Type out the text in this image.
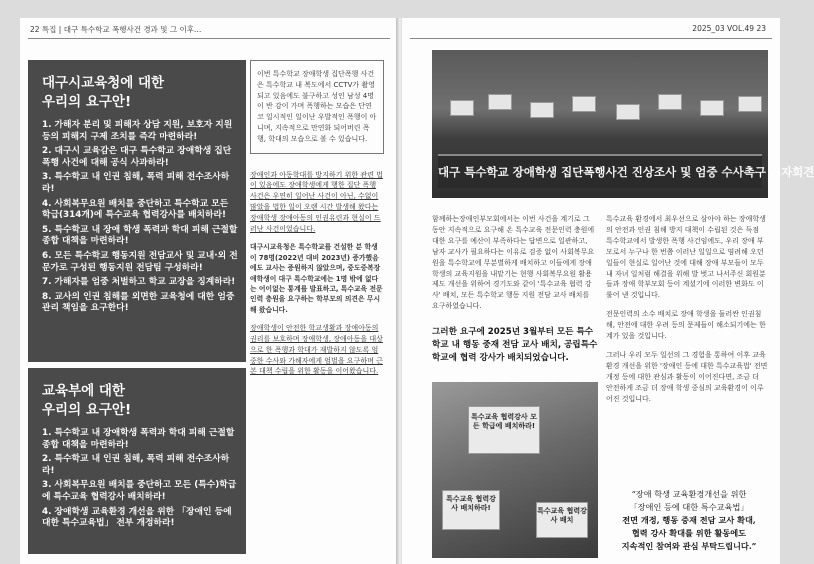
22 특집 | 대구 특수학교 폭행사건 경과 및 그 이후…
대구시교육청에 대한
우리의 요구안!
1. 가해자 분리 및 피해자 상담 지원, 보호자 지원 등의 피해지 구제 조치를 즉각 마련하라!
2. 대구시 교육감은 대구 특수학교 장애학생 집단 폭행 사건에 대해 공식 사과하라!
3. 특수학교 내 인권 침해, 폭력 피해 전수조사하라!
4. 사회복무요원 배치를 중단하고 특수학교 모든 학급(314개)에 특수교육 협력강사를 배치하라!
5. 특수학교 내 장애 학생 폭력과 학대 피해 근절할 종합 대책을 마련하라!
6. 모든 특수학교 행동지원 전담교사 및 교내·외 전문가로 구성된 행동지원 전담팀 구성하라!
7. 가해자를 엄중 처벌하고 학교 교장을 징계하라!
8. 교사의 인권 침해를 외면한 교육청에 대한 엄중 관리 책임을 요구한다!
교육부에 대한
우리의 요구안!
1. 특수학교 내 장애학생 폭력과 학대 피해 근절할 종합 대책을 마련하라!
2. 특수학교 내 인권 침해, 폭력 피해 전수조사하라!
3. 사회복무요원 배치를 중단하고 모든 (특수)학급에 특수교육 협력강사 배치하라!
4. 장애학생 교육환경 개선을 위한 「장애인 등에 대한 특수교육법」 전부 개정하라!
이번 특수학교 장애학생 집단폭행 사건은 특수학교 내 복도에서 CCTV가 촬영되고 있음에도 불구하고 성인 남성 4명이 반 감이 가며 폭행하는 모습은 단연코 일시적인 일이난 우발적인 폭행이 아니며, 지속적으로 만연화 되어버린 폭행, 학대의 모습으로 볼 수 있습니다.

장애인과 아동학대를 방지하기 위한 관련 법이 있음에도 장애학생에게 행한 집단 폭행 사건은 우연히 일어난 사건이 아닌, 수없이 많았을 법한 일이 오랜 시간 발생해 왔다는 장애학생 장애아동의 인권유린과 현실이 드러난 사건이었습니다.

대구시교육청은 특수학교를 건설한 분 학생이 78명(2022년 대비 2023년) 증가했음에도 교사는 증원하지 않았으며, 중도중복장애학생이 대구 특수학교에는 1명 밖에 없다는 어이없는 통계를 발표하고, 특수교육 전문인력 충원을 요구하는 학부모의 의견은 무시해 왔습니다.

장애학생이 안전한 학교생활과 장애아동의 권리를 보호하며 장애학생, 장애아동을 대상으로 한 폭행과 학대가 재발하지 않도록 엄중한 수사와 가해자에게 엄벌을 요구하며 근본 대책 수립을 위한 활동을 이어왔습니다.

2025_03 VOL.49 23
대구 특수학교 장애학생 집단폭행사건 진상조사 및 엄중 수사촉구 기자회견

함께하는장애인부모회에서는 이번 사건을 계기로 그동안 지속적으로 요구해 온 특수교육 전문인력 충원에 대한 요구를 예산이 부족하다는 답변으로 일관하고, 남자 교사가 필요하다는 이유로 검증 없이 사회복무요원을 특수학교에 무분별하게 배치하고 이들에게 장애 학생의 교육지원을 내맡기는 현행 사회복무요원 활용 제도 개선을 위하여 경기도와 같이 '특수교육 협력 강사' 배치, 모든 특수학교 행동 지원 전담 교사 배치를 요구하였습니다.

그러한 요구에 2025년 3월부터 모든 특수학교 내 행동 중재 전담 교사 배치, 공립특수학교에 협력 강사가 배치되었습니다.
특수교육 협력강사 모든 학급에 배치하라!
특수교육 협력강사 배치하라!	특수교육 협력강사 배치

특수교육 환경에서 최우선으로 삼아야 하는 장애학생의 안전과 인권 침해 방지 대책이 수립된 것은 득점 특수학교에서 발생한 폭행 사건임에도, 우리 장애 부모로서 누구나 한 번쯤 이러난 일일으로 염려해 오던 일들이 현실로 일어난 것에 대해 장애 부모들이 모두 내 자녀 일처럼 해결을 위해 발 벗고 나서주신 회원분들과 장애 학부모회 등이 계셨기에 이러한 변화도 이룰어 낸 것입니다.

전문인력의 소수 배치로 장애 학생을 둘러싼 인권침해, 안전에 대한 우려 등의 문제들이 해소되기에는 한계가 있을 것입니다.

그러나 우리 모두 일선의 그 경험을 통하여 이후 교육환경 개선을 위한 '장애인 등에 대한 특수교육법' 전면 개정 등에 대한 관심과 활동이 이어진다면, 조금 더 안전하게 조금 더 장애 학생 중심의 교육환경이 이루어진 것입니다.

“장애 학생 교육환경개선을 위한
「장애인 등에 대한 특수교육법」
전면 개정, 행동 중재 전담 교사 확대,
협력 강사 확대를 위한 활동에도
지속적인 참여와 관심 부탁드립니다.”
